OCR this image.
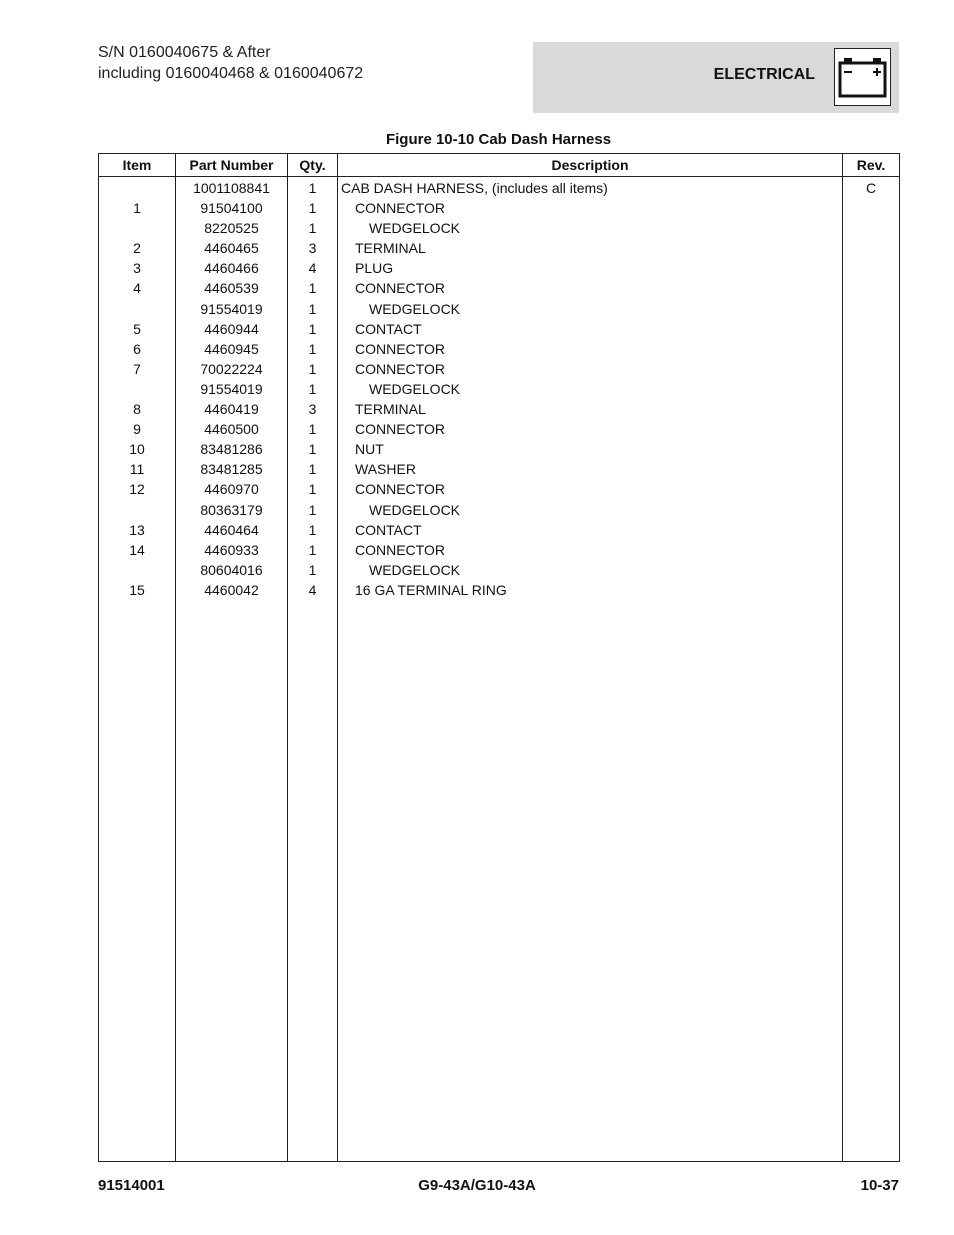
S/N 0160040675 & After
including 0160040468 & 0160040672	ELECTRICAL
Figure 10-10 Cab Dash Harness
Item	Part Number	Qty.	Description	Rev.
	1001108841	1	CAB DASH HARNESS, (includes all items)	C
1	91504100	1	CONNECTOR	
	8220525	1	WEDGELOCK	
2	4460465	3	TERMINAL	
3	4460466	4	PLUG	
4	4460539	1	CONNECTOR	
	91554019	1	WEDGELOCK	
5	4460944	1	CONTACT	
6	4460945	1	CONNECTOR	
7	70022224	1	CONNECTOR	
	91554019	1	WEDGELOCK	
8	4460419	3	TERMINAL	
9	4460500	1	CONNECTOR	
10	83481286	1	NUT	
11	83481285	1	WASHER	
12	4460970	1	CONNECTOR	
	80363179	1	WEDGELOCK	
13	4460464	1	CONTACT	
14	4460933	1	CONNECTOR	
	80604016	1	WEDGELOCK	
15	4460042	4	16 GA TERMINAL RING	

91514001	G9-43A/G10-43A	10-37
